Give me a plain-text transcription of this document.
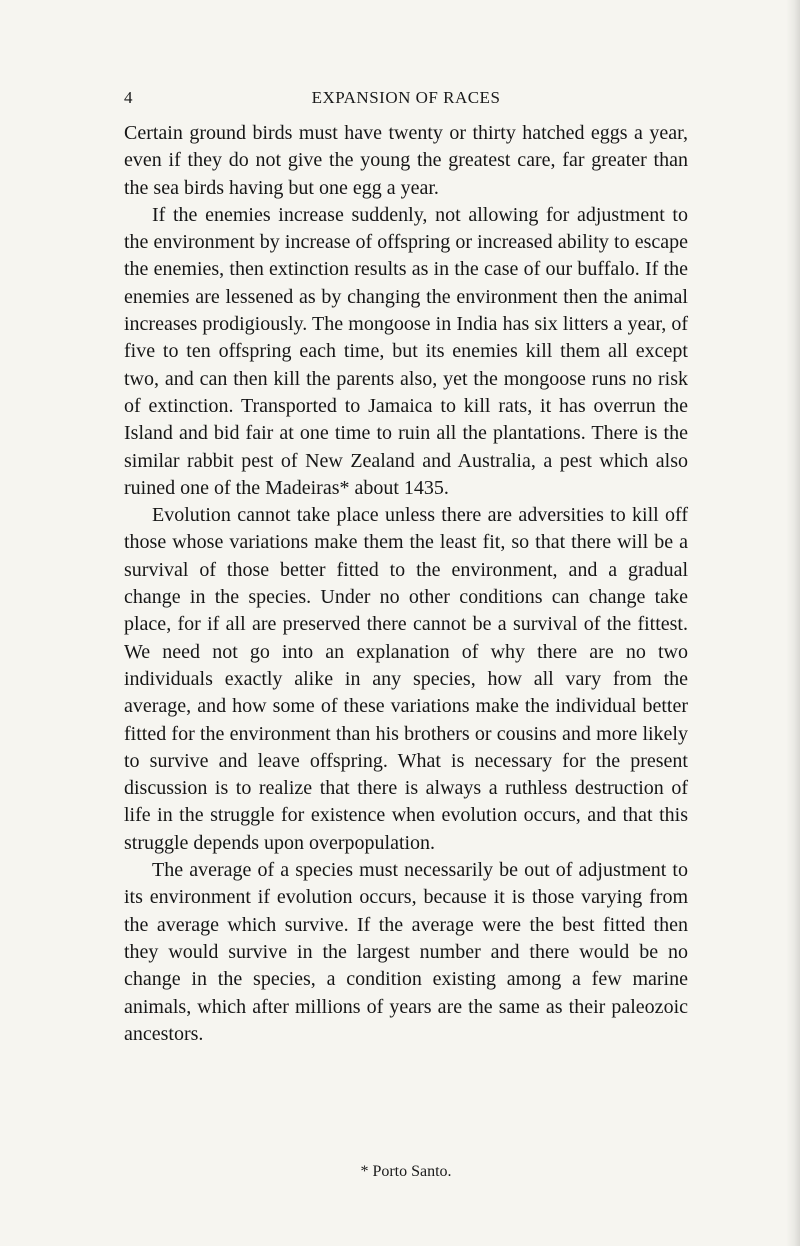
4	EXPANSION OF RACES

Certain ground birds must have twenty or thirty hatched eggs a year, even if they do not give the young the greatest care, far greater than the sea birds having but one egg a year.

If the enemies increase suddenly, not allowing for adjustment to the environment by increase of offspring or increased ability to escape the enemies, then extinction results as in the case of our buffalo. If the enemies are lessened as by changing the environment then the animal increases prodigiously. The mongoose in India has six litters a year, of five to ten offspring each time, but its enemies kill them all except two, and can then kill the parents also, yet the mongoose runs no risk of extinction. Transported to Jamaica to kill rats, it has overrun the Island and bid fair at one time to ruin all the plantations. There is the similar rabbit pest of New Zealand and Australia, a pest which also ruined one of the Madeiras* about 1435.

Evolution cannot take place unless there are adversities to kill off those whose variations make them the least fit, so that there will be a survival of those better fitted to the environment, and a gradual change in the species. Under no other conditions can change take place, for if all are preserved there cannot be a survival of the fittest. We need not go into an explanation of why there are no two individuals exactly alike in any species, how all vary from the average, and how some of these variations make the individual better fitted for the environment than his brothers or cousins and more likely to survive and leave offspring. What is necessary for the present discussion is to realize that there is always a ruthless destruction of life in the struggle for existence when evolution occurs, and that this struggle depends upon overpopulation.

The average of a species must necessarily be out of adjustment to its environment if evolution occurs, because it is those varying from the average which survive. If the average were the best fitted then they would survive in the largest number and there would be no change in the species, a condition existing among a few marine animals, which after millions of years are the same as their paleozoic ancestors.

* Porto Santo.
